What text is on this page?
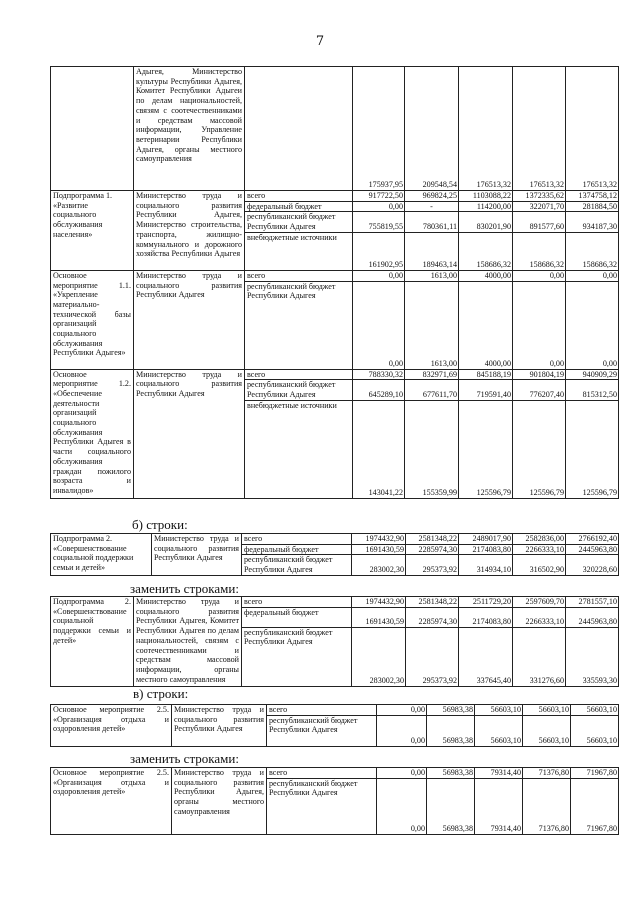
7
	Адыгея, Министерство культуры Республики Адыгея, Комитет Республики Адыгеи по делам национальностей, связям с соотечественниками и средствам массовой информации, Управление ветеринарии Республики Адыгея, органы местного самоуправления		175937,95	209548,54	176513,32	176513,32	176513,32
Подпрограмма 1. «Развитие социального обслуживания населения»	Министерство труда и социального развития Республики Адыгея, Министерство строительства, транспорта, жилищно-коммунального и дорожного хозяйства Республики Адыгея	всего	917722,50	969824,25	1103088,22	1372335,62	1374758,12
		федеральный бюджет	0,00	-	114200,00	322071,70	281884,50
		республиканский бюджет Республики Адыгея	755819,55	780361,11	830201,90	891577,60	934187,30
		внебюджетные источники	161902,95	189463,14	158686,32	158686,32	158686,32
Основное мероприятие 1.1. «Укрепление материально-технической базы организаций социального обслуживания Республики Адыгея»	Министерство труда и социального развития Республики Адыгея	всего	0,00	1613,00	4000,00	0,00	0,00
		республиканский бюджет Республики Адыгея	0,00	1613,00	4000,00	0,00	0,00
Основное мероприятие 1.2. «Обеспечение деятельности организаций социального обслуживания Республики Адыгея в части социального обслуживания граждан пожилого возраста и инвалидов»	Министерство труда и социального развития Республики Адыгея	всего	788330,32	832971,69	845188,19	901804,19	940909,29
		республиканский бюджет Республики Адыгея	645289,10	677611,70	719591,40	776207,40	815312,50
		внебюджетные источники	143041,22	155359,99	125596,79	125596,79	125596,79
б) строки:
Подпрограмма 2. «Совершенствование социальной поддержки семьи и детей»	Министерство труда и социального развития Республики Адыгея	всего	1974432,90	2581348,22	2489017,90	2582836,00	2766192,40
		федеральный бюджет	1691430,59	2285974,30	2174083,80	2266333,10	2445963,80
		республиканский бюджет Республики Адыгея	283002,30	295373,92	314934,10	316502,90	320228,60
заменить строками:
Подпрограмма 2. «Совершенствование социальной поддержки семьи и детей»	Министерство труда и социального развития Республики Адыгея, Комитет Республики Адыгея по делам национальностей, связям с соотечественниками и средствам массовой информации, органы местного самоуправления	всего	1974432,90	2581348,22	2511729,20	2597609,70	2781557,10
		федеральный бюджет	1691430,59	2285974,30	2174083,80	2266333,10	2445963,80
		республиканский бюджет Республики Адыгея	283002,30	295373,92	337645,40	331276,60	335593,30
в) строки:
Основное мероприятие 2.5. «Организация отдыха и оздоровления детей»	Министерство труда и социального развития Республики Адыгея	всего	0,00	56983,38	56603,10	56603,10	56603,10
		республиканский бюджет Республики Адыгея	0,00	56983,38	56603,10	56603,10	56603,10
заменить строками:
Основное мероприятие 2.5. «Организация отдыха и оздоровления детей»	Министерство труда и социального развития Республики Адыгея, органы местного самоуправления	всего	0,00	56983,38	79314,40	71376,80	71967,80
		республиканский бюджет Республики Адыгея	0,00	56983,38	79314,40	71376,80	71967,80
